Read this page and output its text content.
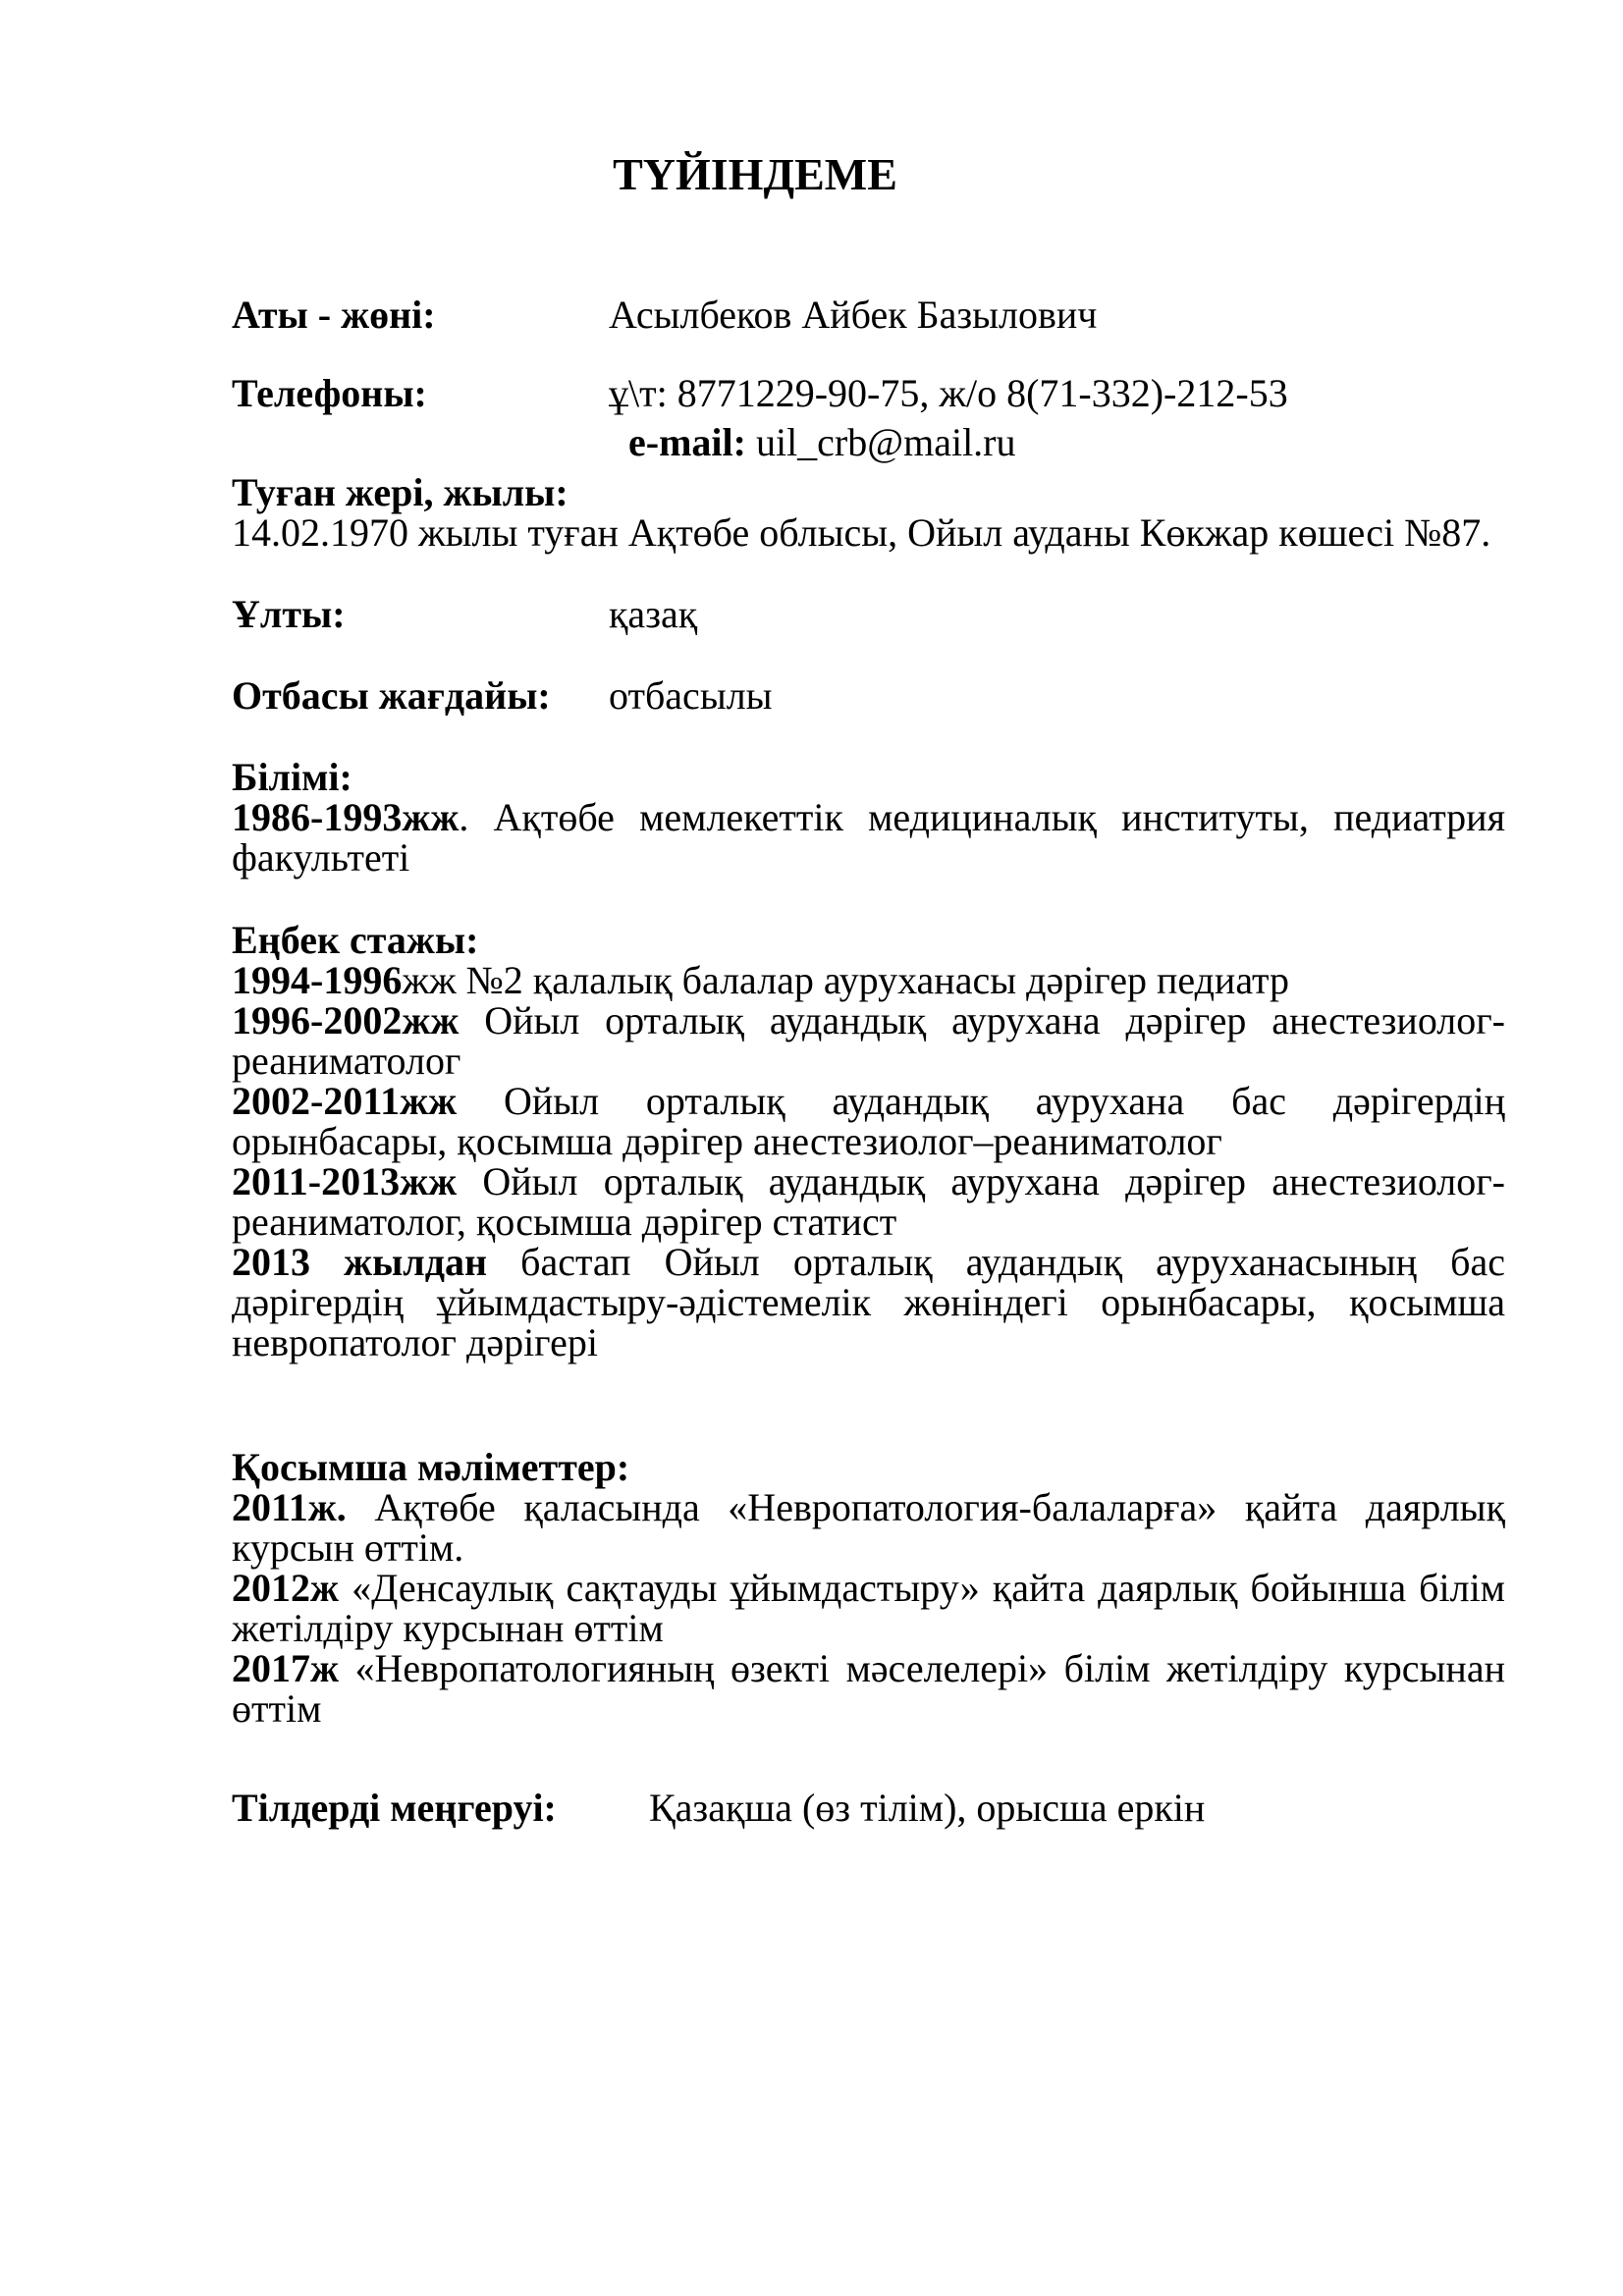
ТҮЙІНДЕМЕ
Аты - жөні:	Асылбеков Айбек Базылович
Телефоны:	ұ\т: 8771229-90-75, ж/о 8(71-332)-212-53
e-mail: uil_crb@mail.ru
Туған жері, жылы:

14.02.1970 жылы туған Ақтөбе облысы, Ойыл ауданы Көкжар көшесі №87.

Ұлты:	қазақ
Отбасы жағдайы:	отбасылы
Білімі:

1986-1993жж. Ақтөбе мемлекеттік медициналық институты, педиатрия факультеті

Еңбек стажы:

1994-1996жж №2 қалалық балалар ауруханасы дәрігер педиатр

1996-2002жж Ойыл орталық аудандық аурухана дәрігер анестезиолог-реаниматолог

2002-2011жж Ойыл орталық аудандық аурухана бас дәрігердің орынбасары, қосымша дәрігер анестезиолог–реаниматолог

2011-2013жж Ойыл орталық аудандық аурухана дәрігер анестезиолог-реаниматолог, қосымша дәрігер статист

2013 жылдан бастап Ойыл орталық аудандық ауруханасының бас дәрігердің ұйымдастыру-әдістемелік жөніндегі орынбасары, қосымша невропатолог дәрігері

Қосымша мәліметтер:

2011ж. Ақтөбе қаласында «Невропатология-балаларға» қайта даярлық курсын өттім.

2012ж «Денсаулық сақтауды ұйымдастыру» қайта даярлық бойынша білім жетілдіру курсынан өттім

2017ж «Невропатологияның өзекті мәселелері» білім жетілдіру курсынан өттім

Тілдерді меңгеруі:	Қазақша (өз тілім), орысша еркін
